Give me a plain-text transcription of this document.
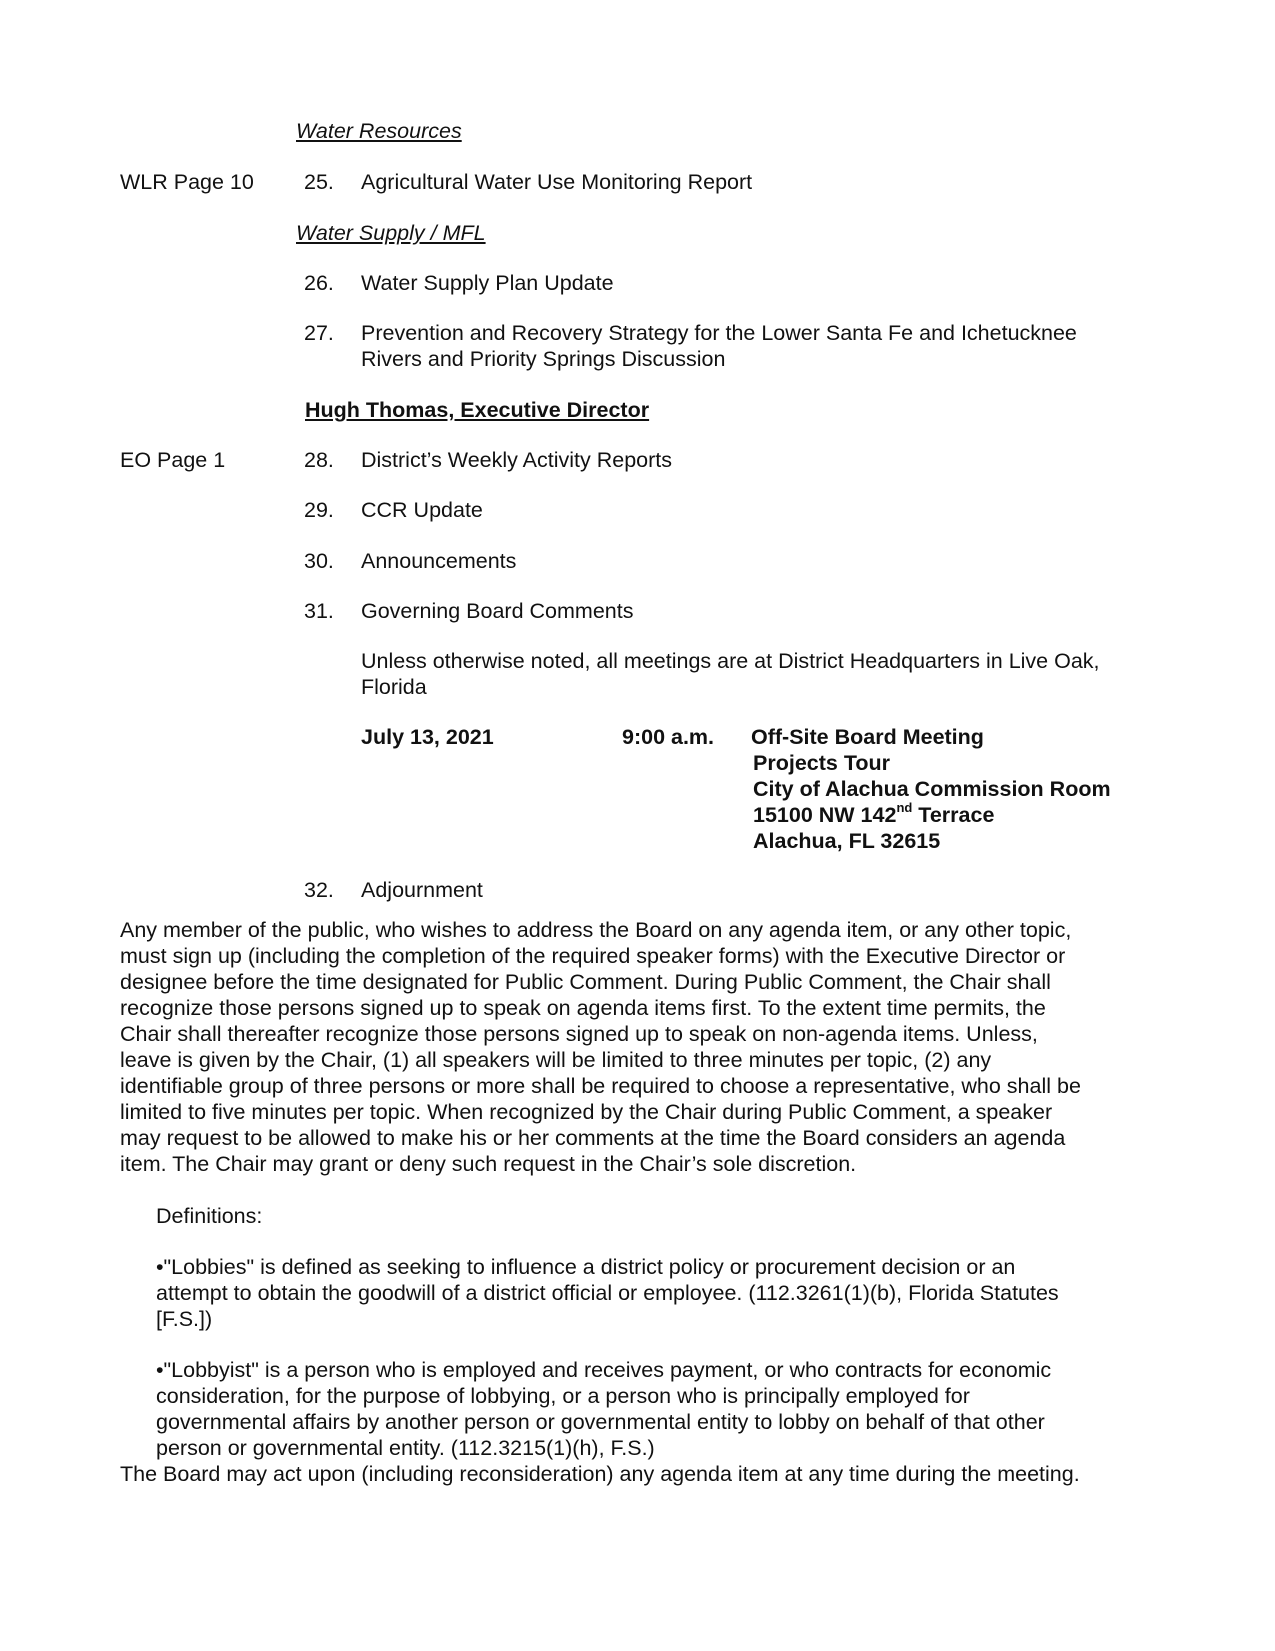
Water Resources
WLR Page 10 25. Agricultural Water Use Monitoring Report
Water Supply / MFL
26. Water Supply Plan Update
27. Prevention and Recovery Strategy for the Lower Santa Fe and Ichetucknee
Rivers and Priority Springs Discussion
Hugh Thomas, Executive Director
EO Page 1	28. District’s Weekly Activity Reports
29. CCR Update
30. Announcements
31. Governing Board Comments
Unless otherwise noted, all meetings are at District Headquarters in Live Oak,
Florida
July 13, 2021	9:00 a.m. Off-Site Board Meeting
Projects Tour
City of Alachua Commission Room
15100 NW 142nd Terrace
Alachua, FL 32615
32. Adjournment
Any member of the public, who wishes to address the Board on any agenda item, or any other topic,
must sign up (including the completion of the required speaker forms) with the Executive Director or
designee before the time designated for Public Comment. During Public Comment, the Chair shall
recognize those persons signed up to speak on agenda items first. To the extent time permits, the
Chair shall thereafter recognize those persons signed up to speak on non-agenda items. Unless,
leave is given by the Chair, (1) all speakers will be limited to three minutes per topic, (2) any
identifiable group of three persons or more shall be required to choose a representative, who shall be
limited to five minutes per topic. When recognized by the Chair during Public Comment, a speaker
may request to be allowed to make his or her comments at the time the Board considers an agenda
item. The Chair may grant or deny such request in the Chair’s sole discretion.
Definitions:
•"Lobbies" is defined as seeking to influence a district policy or procurement decision or an
attempt to obtain the goodwill of a district official or employee. (112.3261(1)(b), Florida Statutes
[F.S.])
•"Lobbyist" is a person who is employed and receives payment, or who contracts for economic
consideration, for the purpose of lobbying, or a person who is principally employed for
governmental affairs by another person or governmental entity to lobby on behalf of that other
person or governmental entity. (112.3215(1)(h), F.S.)
The Board may act upon (including reconsideration) any agenda item at any time during the meeting.
